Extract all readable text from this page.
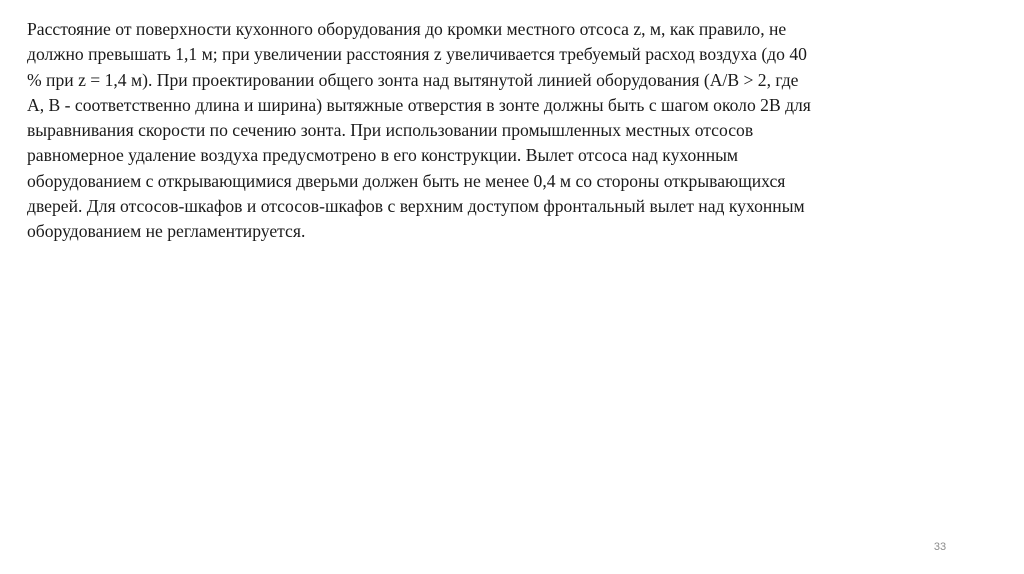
Расстояние от поверхности кухонного оборудования до кромки местного отсоса z, м, как правило, не
должно превышать 1,1 м; при увеличении расстояния z увеличивается требуемый расход воздуха (до 40
% при z = 1,4 м). При проектировании общего зонта над вытянутой линией оборудования (А/В > 2, где
А, В - соответственно длина и ширина) вытяжные отверстия в зонте должны быть с шагом около 2В для
выравнивания скорости по сечению зонта. При использовании промышленных местных отсосов
равномерное удаление воздуха предусмотрено в его конструкции. Вылет отсоса над кухонным
оборудованием с открывающимися дверьми должен быть не менее 0,4 м со стороны открывающихся
дверей. Для отсосов-шкафов и отсосов-шкафов с верхним доступом фронтальный вылет над кухонным
оборудованием не регламентируется.

33
